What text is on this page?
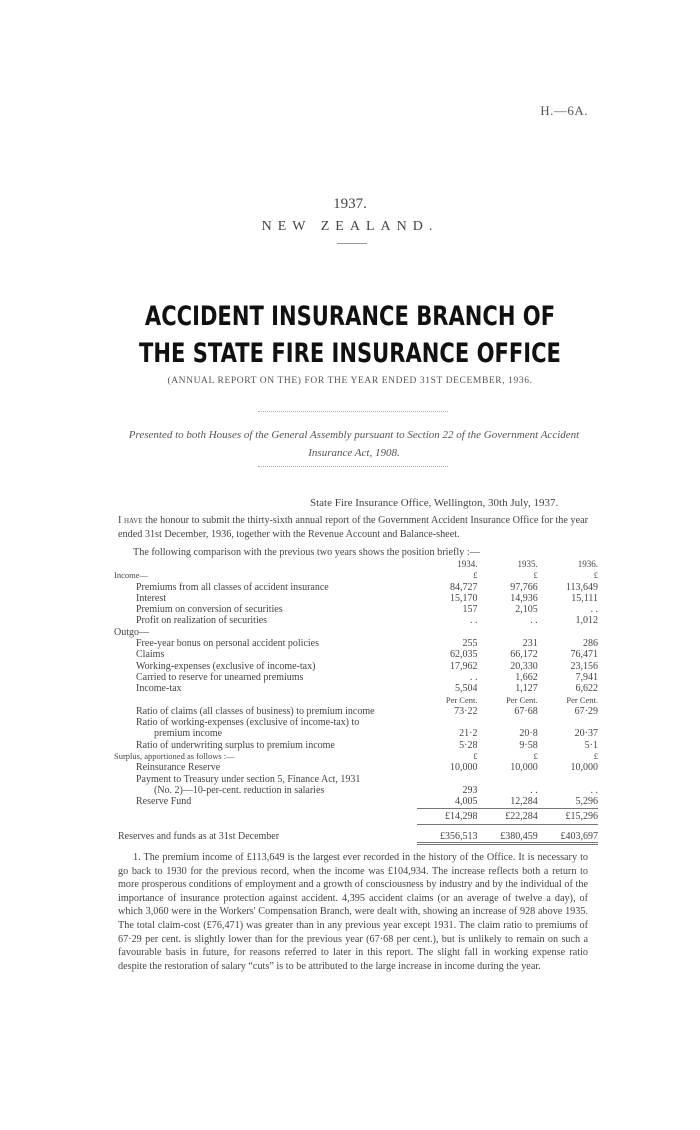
H.—6A.
1937.
NEW ZEALAND.
ACCIDENT INSURANCE BRANCH OF THE STATE FIRE INSURANCE OFFICE
(ANNUAL REPORT ON THE) FOR THE YEAR ENDED 31ST DECEMBER, 1936.
Presented to both Houses of the General Assembly pursuant to Section 22 of the Government Accident Insurance Act, 1908.
State Fire Insurance Office, Wellington, 30th July, 1937.
I have the honour to submit the thirty-sixth annual report of the Government Accident Insurance Office for the year ended 31st December, 1936, together with the Revenue Account and Balance-sheet.
The following comparison with the previous two years shows the position briefly :—
	1934.	1935.	1936.
Income—	£	£	£
Premiums from all classes of accident insurance	84,727	97,766	113,649
Interest	15,170	14,936	15,111
Premium on conversion of securities	157	2,105	. .
Profit on realization of securities	. .	. .	1,012
Outgo—			
Free-year bonus on personal accident policies	255	231	286
Claims	62,035	66,172	76,471
Working-expenses (exclusive of income-tax)	17,962	20,330	23,156
Carried to reserve for unearned premiums	. .	1,662	7,941
Income-tax	5,504	1,127	6,622
	Per Cent.	Per Cent.	Per Cent.
Ratio of claims (all classes of business) to premium income	73·22	67·68	67·29
Ratio of working-expenses (exclusive of income-tax) to			
premium income	21·2	20·8	20·37
Ratio of underwriting surplus to premium income	5·28	9·58	5·1
Surplus, apportioned as follows :—	£	£	£
Reinsurance Reserve	10,000	10,000	10,000
Payment to Treasury under section 5, Finance Act, 1931			
(No. 2)—10-per-cent. reduction in salaries	293	. .	. .
Reserve Fund	4,005	12,284	5,296
	£14,298	£22,284	£15,296
Reserves and funds as at 31st December	£356,513	£380,459	£403,697
1. The premium income of £113,649 is the largest ever recorded in the history of the Office. It is necessary to go back to 1930 for the previous record, when the income was £104,934. The increase reflects both a return to more prosperous conditions of employment and a growth of consciousness by industry and by the individual of the importance of insurance protection against accident. 4,395 accident claims (or an average of twelve a day), of which 3,060 were in the Workers' Compensation Branch, were dealt with, showing an increase of 928 above 1935. The total claim-cost (£76,471) was greater than in any previous year except 1931. The claim ratio to premiums of 67·29 per cent. is slightly lower than for the previous year (67·68 per cent.), but is unlikely to remain on such a favourable basis in future, for reasons referred to later in this report. The slight fall in working expense ratio despite the restoration of salary “cuts” is to be attributed to the large increase in income during the year.
